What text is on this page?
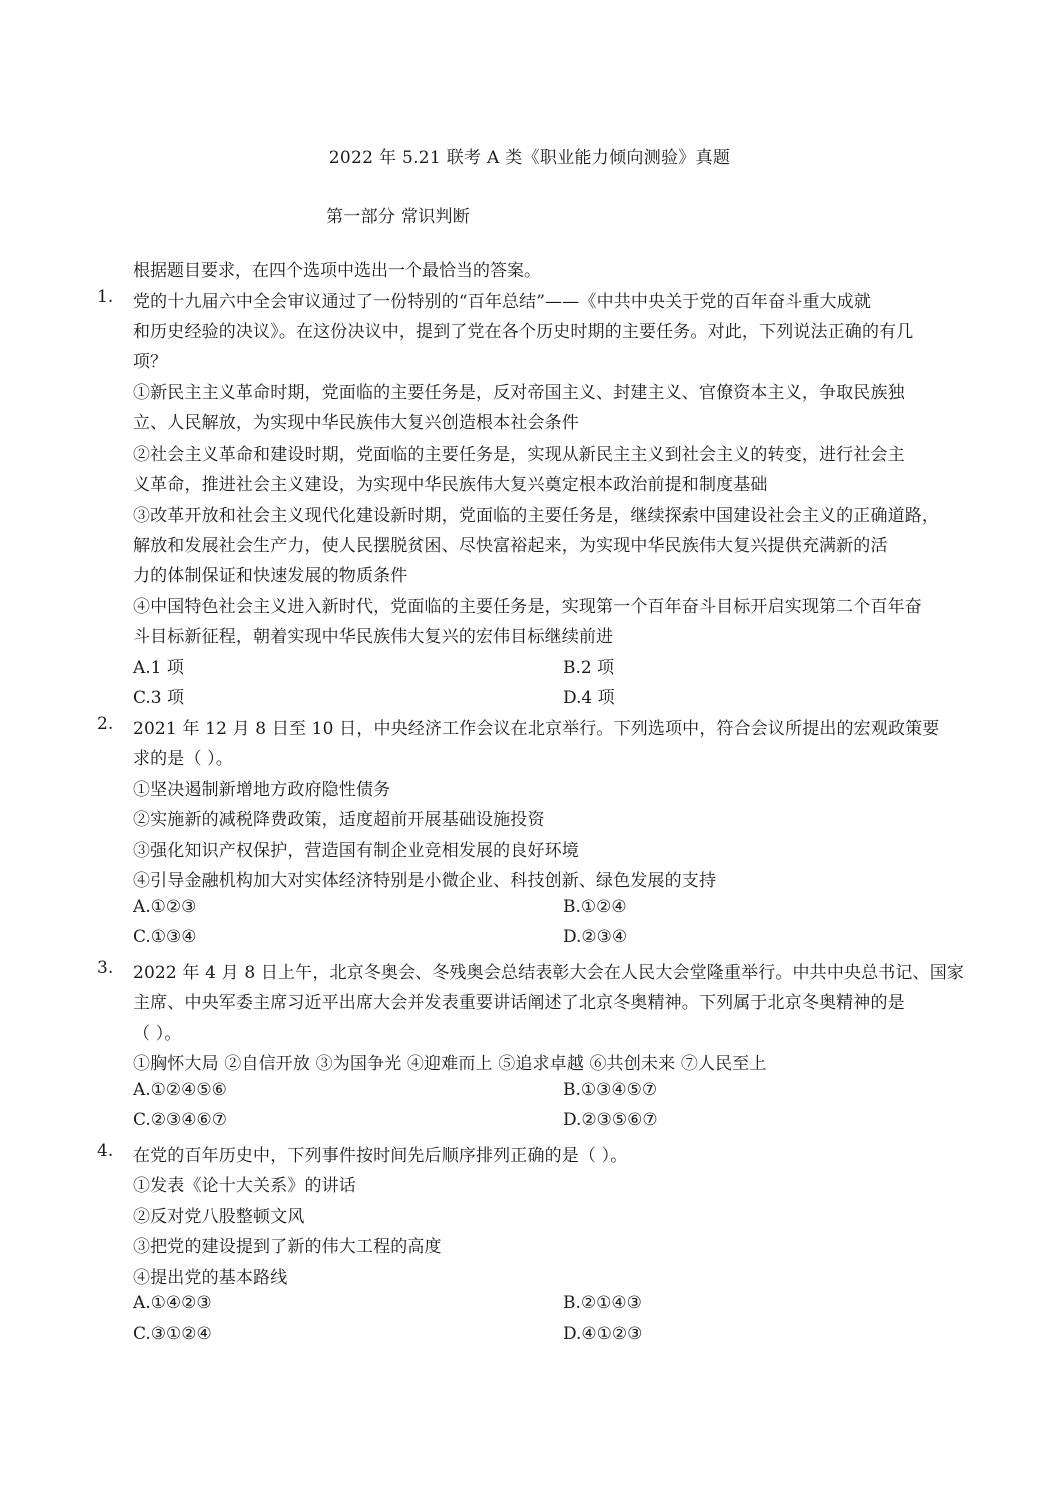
2022 年 5.21 联考 A 类《职业能力倾向测验》真题
第一部分 常识判断
根据题目要求，在四个选项中选出一个最恰当的答案。
1. 党的十九届六中全会审议通过了一份特别的“百年总结”——《中共中央关于党的百年奋斗重大成就
和历史经验的决议》。在这份决议中，提到了党在各个历史时期的主要任务。对此，下列说法正确的有几
项？
①新民主主义革命时期，党面临的主要任务是，反对帝国主义、封建主义、官僚资本主义，争取民族独
立、人民解放，为实现中华民族伟大复兴创造根本社会条件
②社会主义革命和建设时期，党面临的主要任务是，实现从新民主主义到社会主义的转变，进行社会主
义革命，推进社会主义建设，为实现中华民族伟大复兴奠定根本政治前提和制度基础
③改革开放和社会主义现代化建设新时期，党面临的主要任务是，继续探索中国建设社会主义的正确道路，
解放和发展社会生产力，使人民摆脱贫困、尽快富裕起来，为实现中华民族伟大复兴提供充满新的活
力的体制保证和快速发展的物质条件
④中国特色社会主义进入新时代，党面临的主要任务是，实现第一个百年奋斗目标开启实现第二个百年奋
斗目标新征程，朝着实现中华民族伟大复兴的宏伟目标继续前进
A.1 项	B.2 项
C.3 项	D.4 项
2. 2021 年 12 月 8 日至 10 日，中央经济工作会议在北京举行。下列选项中，符合会议所提出的宏观政策要
求的是（ ）。
①坚决遏制新增地方政府隐性债务
②实施新的减税降费政策，适度超前开展基础设施投资
③强化知识产权保护，营造国有制企业竞相发展的良好环境
④引导金融机构加大对实体经济特别是小微企业、科技创新、绿色发展的支持
A.①②③	B.①②④
C.①③④	D.②③④
3. 2022 年 4 月 8 日上午，北京冬奥会、冬残奥会总结表彰大会在人民大会堂隆重举行。中共中央总书记、国家
主席、中央军委主席习近平出席大会并发表重要讲话阐述了北京冬奥精神。下列属于北京冬奥精神的是
（ ）。
①胸怀大局 ②自信开放 ③为国争光 ④迎难而上 ⑤追求卓越 ⑥共创未来 ⑦人民至上
A.①②④⑤⑥	B.①③④⑤⑦
C.②③④⑥⑦	D.②③⑤⑥⑦
4. 在党的百年历史中，下列事件按时间先后顺序排列正确的是（ ）。
①发表《论十大关系》的讲话
②反对党八股整顿文风
③把党的建设提到了新的伟大工程的高度
④提出党的基本路线
A.①④②③	B.②①④③
C.③①②④	D.④①②③
